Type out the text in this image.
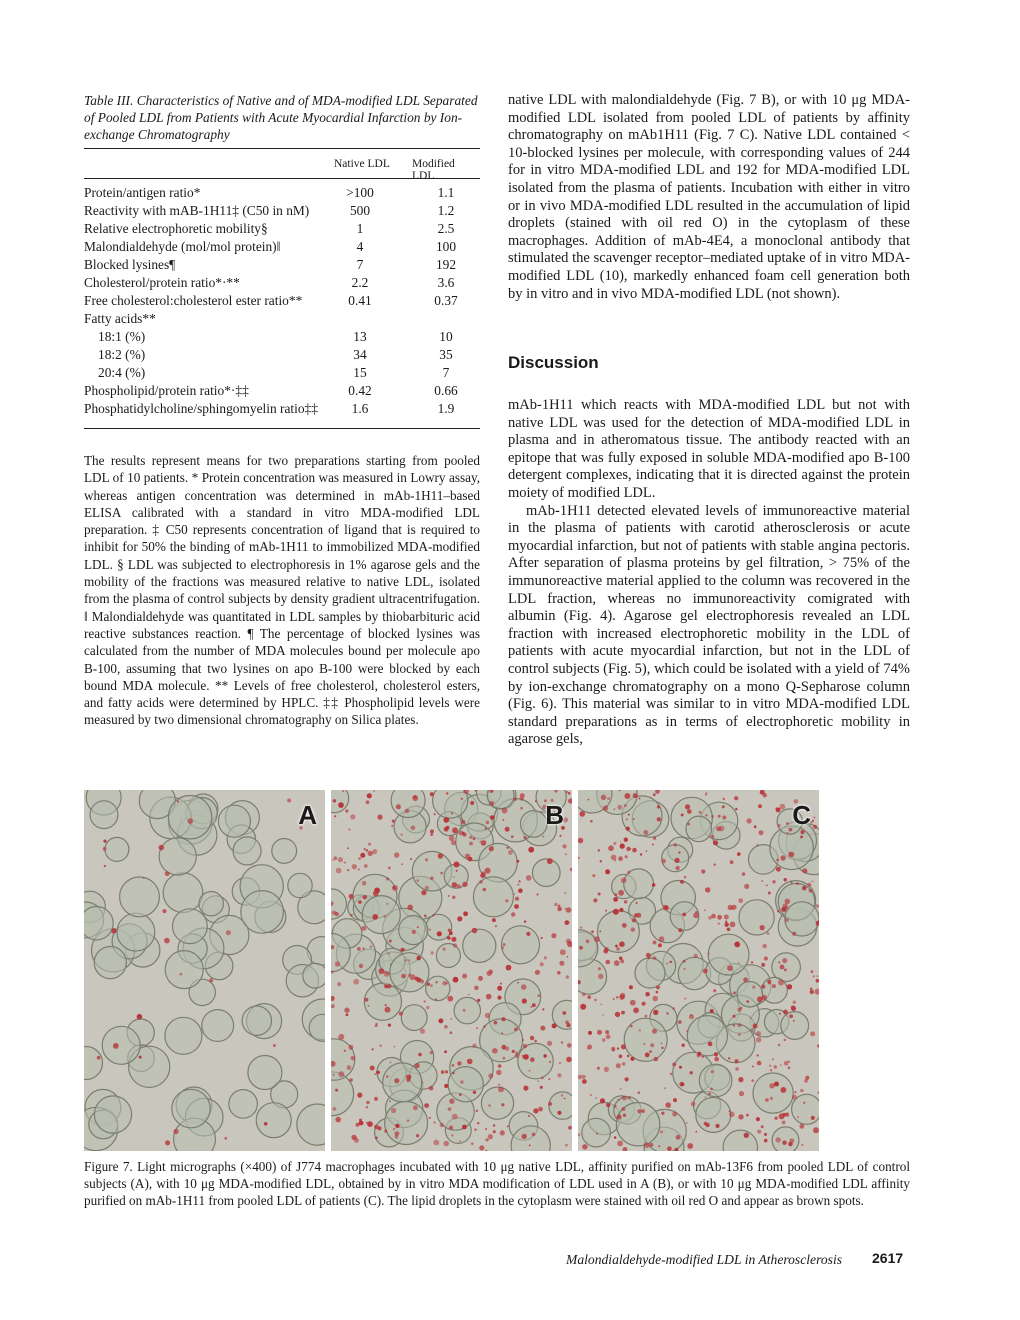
Table III. Characteristics of Native and of MDA-modified LDL Separated of Pooled LDL from Patients with Acute Myocardial Infarction by Ion-exchange Chromatography
Native LDL Modified LDL
Protein/antigen ratio*	>100	1.1
Reactivity with mAB-1H11‡ (C50 in nM)	500	1.2
Relative electrophoretic mobility§	1	2.5
Malondialdehyde (mol/mol protein)‖	4	100
Blocked lysines¶	7	192
Cholesterol/protein ratio*·**	2.2	3.6
Free cholesterol:cholesterol ester ratio**	0.41	0.37
Fatty acids**
18:1 (%)	13	10
18:2 (%)	34	35
20:4 (%)	15	7
Phospholipid/protein ratio*·‡‡	0.42	0.66
Phosphatidylcholine/sphingomyelin ratio‡‡	1.6	1.9
The results represent means for two preparations starting from pooled LDL of 10 patients. * Protein concentration was measured in Lowry assay, whereas antigen concentration was determined in mAb-1H11–based ELISA calibrated with a standard in vitro MDA-modified LDL preparation. ‡ C50 represents concentration of ligand that is required to inhibit for 50% the binding of mAb-1H11 to immobilized MDA-modified LDL. § LDL was subjected to electrophoresis in 1% agarose gels and the mobility of the fractions was measured relative to native LDL, isolated from the plasma of control subjects by density gradient ultracentrifugation. ‖ Malondialdehyde was quantitated in LDL samples by thiobarbituric acid reactive substances reaction. ¶ The percentage of blocked lysines was calculated from the number of MDA molecules bound per molecule apo B-100, assuming that two lysines on apo B-100 were blocked by each bound MDA molecule. ** Levels of free cholesterol, cholesterol esters, and fatty acids were determined by HPLC. ‡‡ Phospholipid levels were measured by two dimensional chromatography on Silica plates.

native LDL with malondialdehyde (Fig. 7 B), or with 10 μg MDA-modified LDL isolated from pooled LDL of patients by affinity chromatography on mAb1H11 (Fig. 7 C). Native LDL contained < 10-blocked lysines per molecule, with corresponding values of 244 for in vitro MDA-modified LDL and 192 for MDA-modified LDL isolated from the plasma of patients. Incubation with either in vitro or in vivo MDA-modified LDL resulted in the accumulation of lipid droplets (stained with oil red O) in the cytoplasm of these macrophages. Addition of mAb-4E4, a monoclonal antibody that stimulated the scavenger receptor–mediated uptake of in vitro MDA-modified LDL (10), markedly enhanced foam cell generation both by in vitro and in vivo MDA-modified LDL (not shown).

Discussion

mAb-1H11 which reacts with MDA-modified LDL but not with native LDL was used for the detection of MDA-modified LDL in plasma and in atheromatous tissue. The antibody reacted with an epitope that was fully exposed in soluble MDA-modified apo B-100 detergent complexes, indicating that it is directed against the protein moiety of modified LDL.

mAb-1H11 detected elevated levels of immunoreactive material in the plasma of patients with carotid atherosclerosis or acute myocardial infarction, but not of patients with stable angina pectoris. After separation of plasma proteins by gel filtration, > 75% of the immunoreactive material applied to the column was recovered in the LDL fraction, whereas no immunoreactivity comigrated with albumin (Fig. 4). Agarose gel electrophoresis revealed an LDL fraction with increased electrophoretic mobility in the LDL of patients with acute myocardial infarction, but not in the LDL of control subjects (Fig. 5), which could be isolated with a yield of 74% by ion-exchange chromatography on a mono Q-Sepharose column (Fig. 6). This material was similar to in vitro MDA-modified LDL standard preparations as in terms of electrophoretic mobility in agarose gels,

A	B	C
Figure 7. Light micrographs (×400) of J774 macrophages incubated with 10 μg native LDL, affinity purified on mAb-13F6 from pooled LDL of control subjects (A), with 10 μg MDA-modified LDL, obtained by in vitro MDA modification of LDL used in A (B), or with 10 μg MDA-modified LDL affinity purified on mAb-1H11 from pooled LDL of patients (C). The lipid droplets in the cytoplasm were stained with oil red O and appear as brown spots.
Malondialdehyde-modified LDL in Atherosclerosis 2617
